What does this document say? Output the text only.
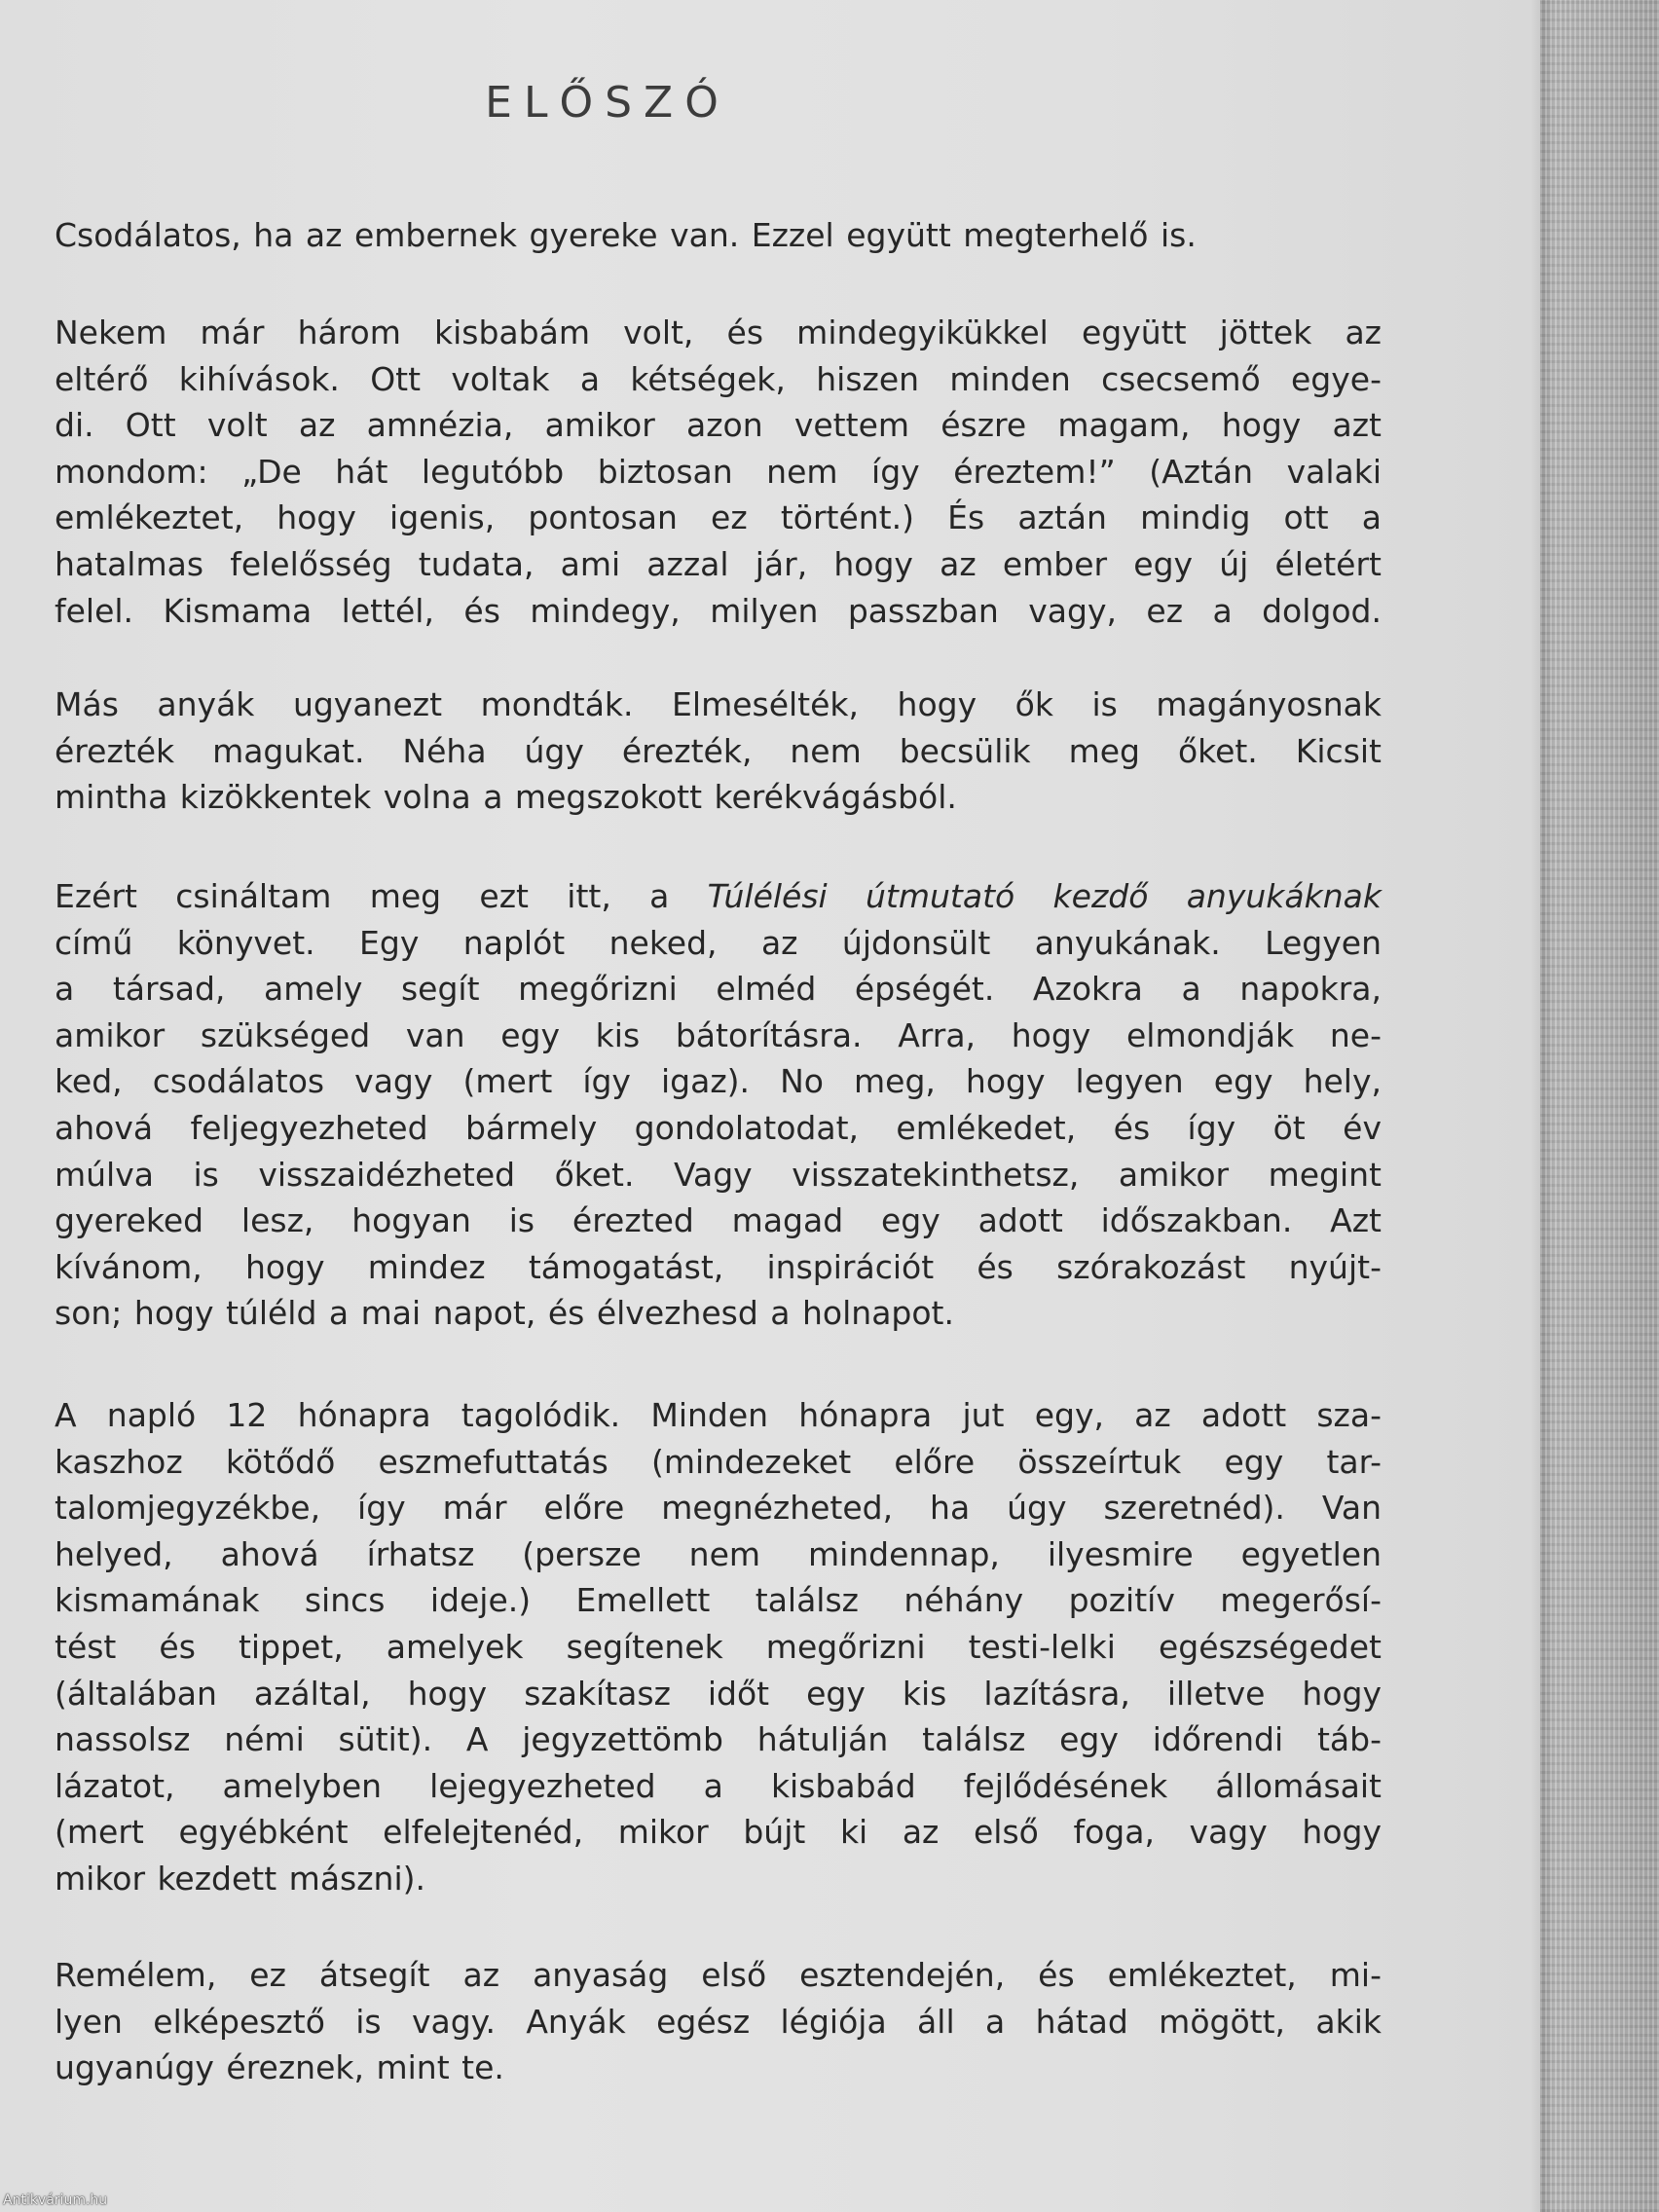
ELŐSZÓ

Csodálatos, ha az embernek gyereke van. Ezzel együtt megterhelő is.

Nekem már három kisbabám volt, és mindegyikükkel együtt jöttek az
eltérő kihívások. Ott voltak a kétségek, hiszen minden csecsemő egye-
di. Ott volt az amnézia, amikor azon vettem észre magam, hogy azt
mondom: „De hát legutóbb biztosan nem így éreztem!” (Aztán valaki
emlékeztet, hogy igenis, pontosan ez történt.) És aztán mindig ott a
hatalmas felelősség tudata, ami azzal jár, hogy az ember egy új életért
felel. Kismama lettél, és mindegy, milyen passzban vagy, ez a dolgod.

Más anyák ugyanezt mondták. Elmesélték, hogy ők is magányosnak
érezték magukat. Néha úgy érezték, nem becsülik meg őket. Kicsit
mintha kizökkentek volna a megszokott kerékvágásból.

Ezért csináltam meg ezt itt, a Túlélési útmutató kezdő anyukáknak
című könyvet. Egy naplót neked, az újdonsült anyukának. Legyen
a társad, amely segít megőrizni elméd épségét. Azokra a napokra,
amikor szükséged van egy kis bátorításra. Arra, hogy elmondják ne-
ked, csodálatos vagy (mert így igaz). No meg, hogy legyen egy hely,
ahová feljegyezheted bármely gondolatodat, emlékedet, és így öt év
múlva is visszaidézheted őket. Vagy visszatekinthetsz, amikor megint
gyereked lesz, hogyan is érezted magad egy adott időszakban. Azt
kívánom, hogy mindez támogatást, inspirációt és szórakozást nyújt-
son; hogy túléld a mai napot, és élvezhesd a holnapot.

A napló 12 hónapra tagolódik. Minden hónapra jut egy, az adott sza-
kaszhoz kötődő eszmefuttatás (mindezeket előre összeírtuk egy tar-
talomjegyzékbe, így már előre megnézheted, ha úgy szeretnéd). Van
helyed, ahová írhatsz (persze nem mindennap, ilyesmire egyetlen
kismamának sincs ideje.) Emellett találsz néhány pozitív megerősí-
tést és tippet, amelyek segítenek megőrizni testi-lelki egészségedet
(általában azáltal, hogy szakítasz időt egy kis lazításra, illetve hogy
nassolsz némi sütit). A jegyzettömb hátulján találsz egy időrendi táb-
lázatot, amelyben lejegyezheted a kisbabád fejlődésének állomásait
(mert egyébként elfelejtenéd, mikor bújt ki az első foga, vagy hogy
mikor kezdett mászni).

Remélem, ez átsegít az anyaság első esztendején, és emlékeztet, mi-
lyen elképesztő is vagy. Anyák egész légiója áll a hátad mögött, akik
ugyanúgy éreznek, mint te.

Antikvárium.hu
